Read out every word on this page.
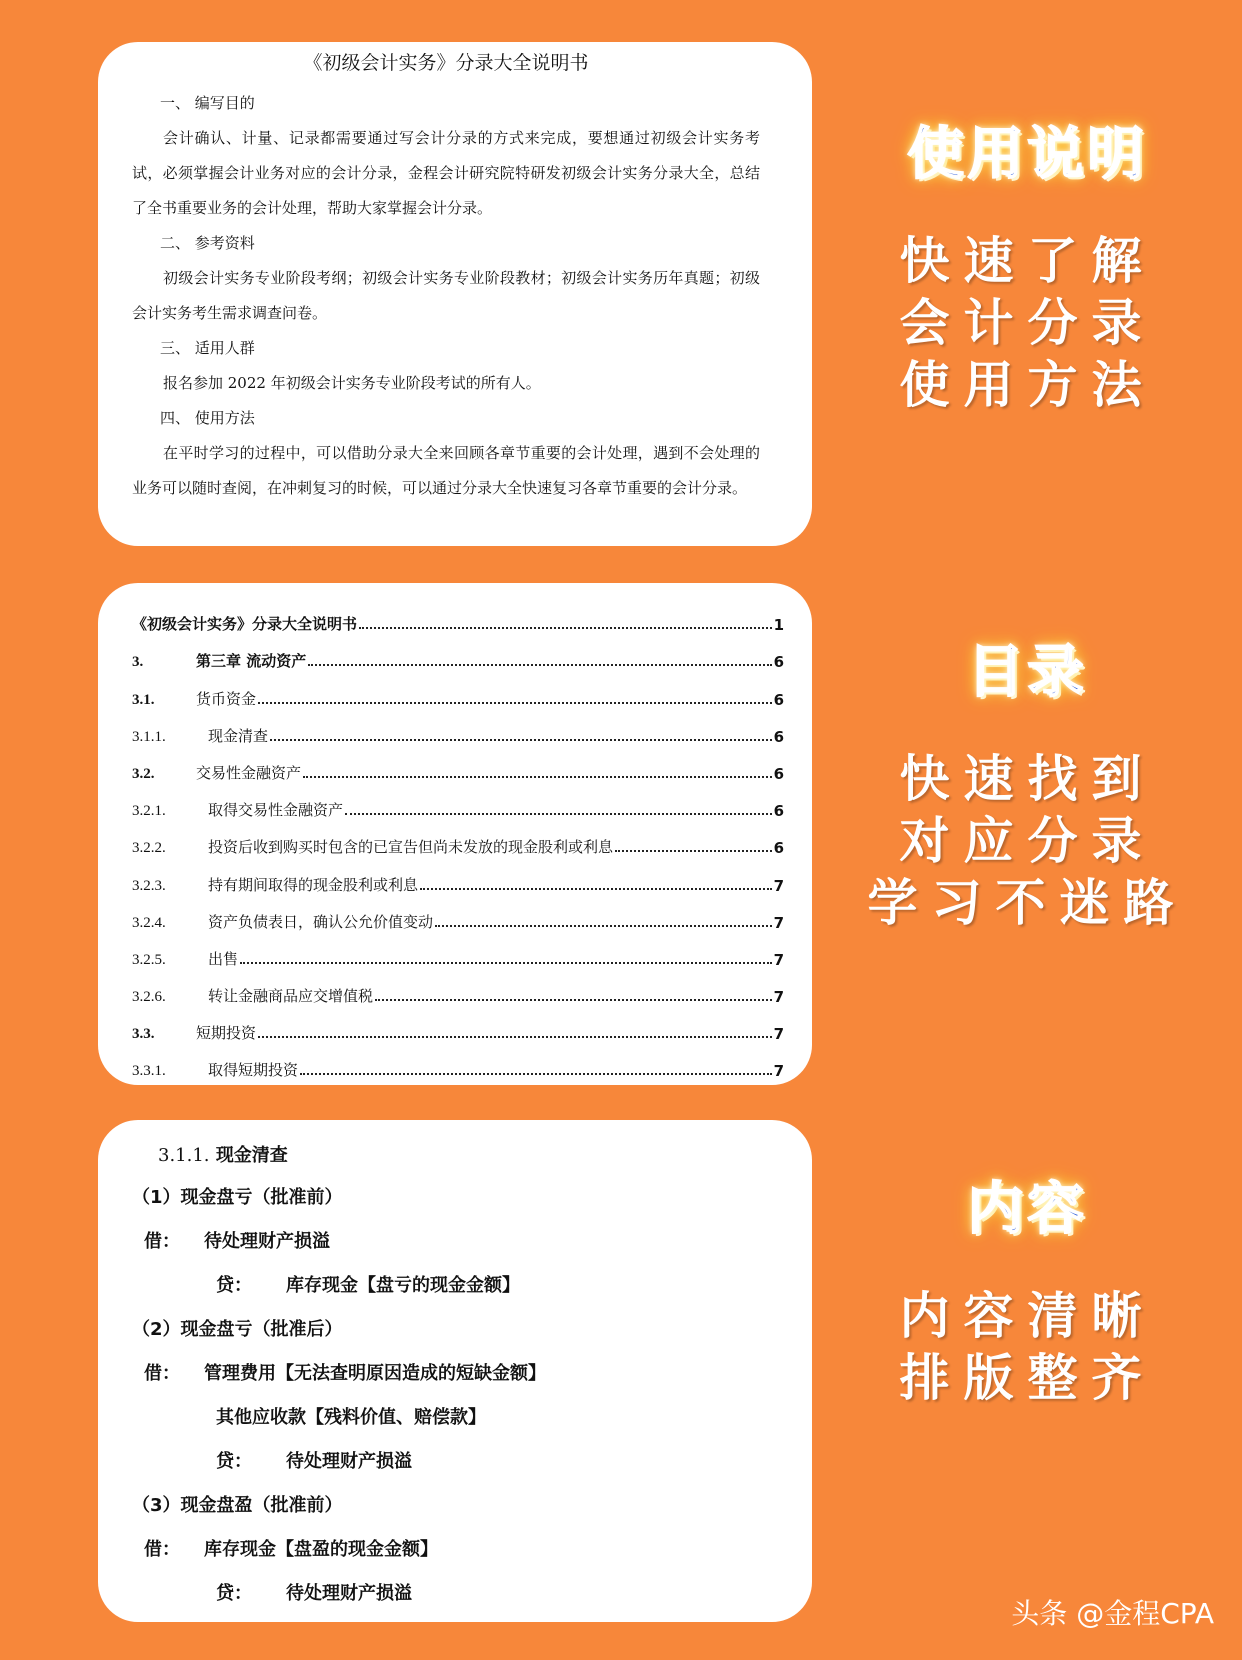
《初级会计实务》分录大全说明书
一、 编写目的
会计确认、计量、记录都需要通过写会计分录的方式来完成，要想通过初级会计实务考试，必须掌握会计业务对应的会计分录，金程会计研究院特研发初级会计实务分录大全，总结了全书重要业务的会计处理，帮助大家掌握会计分录。
二、 参考资料
初级会计实务专业阶段考纲；初级会计实务专业阶段教材；初级会计实务历年真题；初级会计实务考生需求调查问卷。
三、 适用人群
报名参加 2022 年初级会计实务专业阶段考试的所有人。
四、 使用方法
在平时学习的过程中，可以借助分录大全来回顾各章节重要的会计处理，遇到不会处理的业务可以随时查阅，在冲刺复习的时候，可以通过分录大全快速复习各章节重要的会计分录。
《初级会计实务》分录大全说明书	1
3.	第三章 流动资产	6
3.1.	货币资金	6
3.1.1.	现金清查	6
3.2.	交易性金融资产	6
3.2.1.	取得交易性金融资产	6
3.2.2.	投资后收到购买时包含的已宣告但尚未发放的现金股利或利息	6
3.2.3.	持有期间取得的现金股利或利息	7
3.2.4.	资产负债表日，确认公允价值变动	7
3.2.5.	出售	7
3.2.6.	转让金融商品应交增值税	7
3.3.	短期投资	7
3.3.1.	取得短期投资	7
3.1.1. 现金清查
（1）现金盘亏（批准前）
借：	待处理财产损溢
贷：	库存现金【盘亏的现金金额】
（2）现金盘亏（批准后）
借：	管理费用【无法查明原因造成的短缺金额】
其他应收款【残料价值、赔偿款】
贷：	待处理财产损溢
（3）现金盘盈（批准前）
借：	库存现金【盘盈的现金金额】
贷：	待处理财产损溢
使用说明
快速了解
会计分录
使用方法
目录
快速找到
对应分录
学习不迷路
内容
内容清晰
排版整齐
头条 @金程CPA
